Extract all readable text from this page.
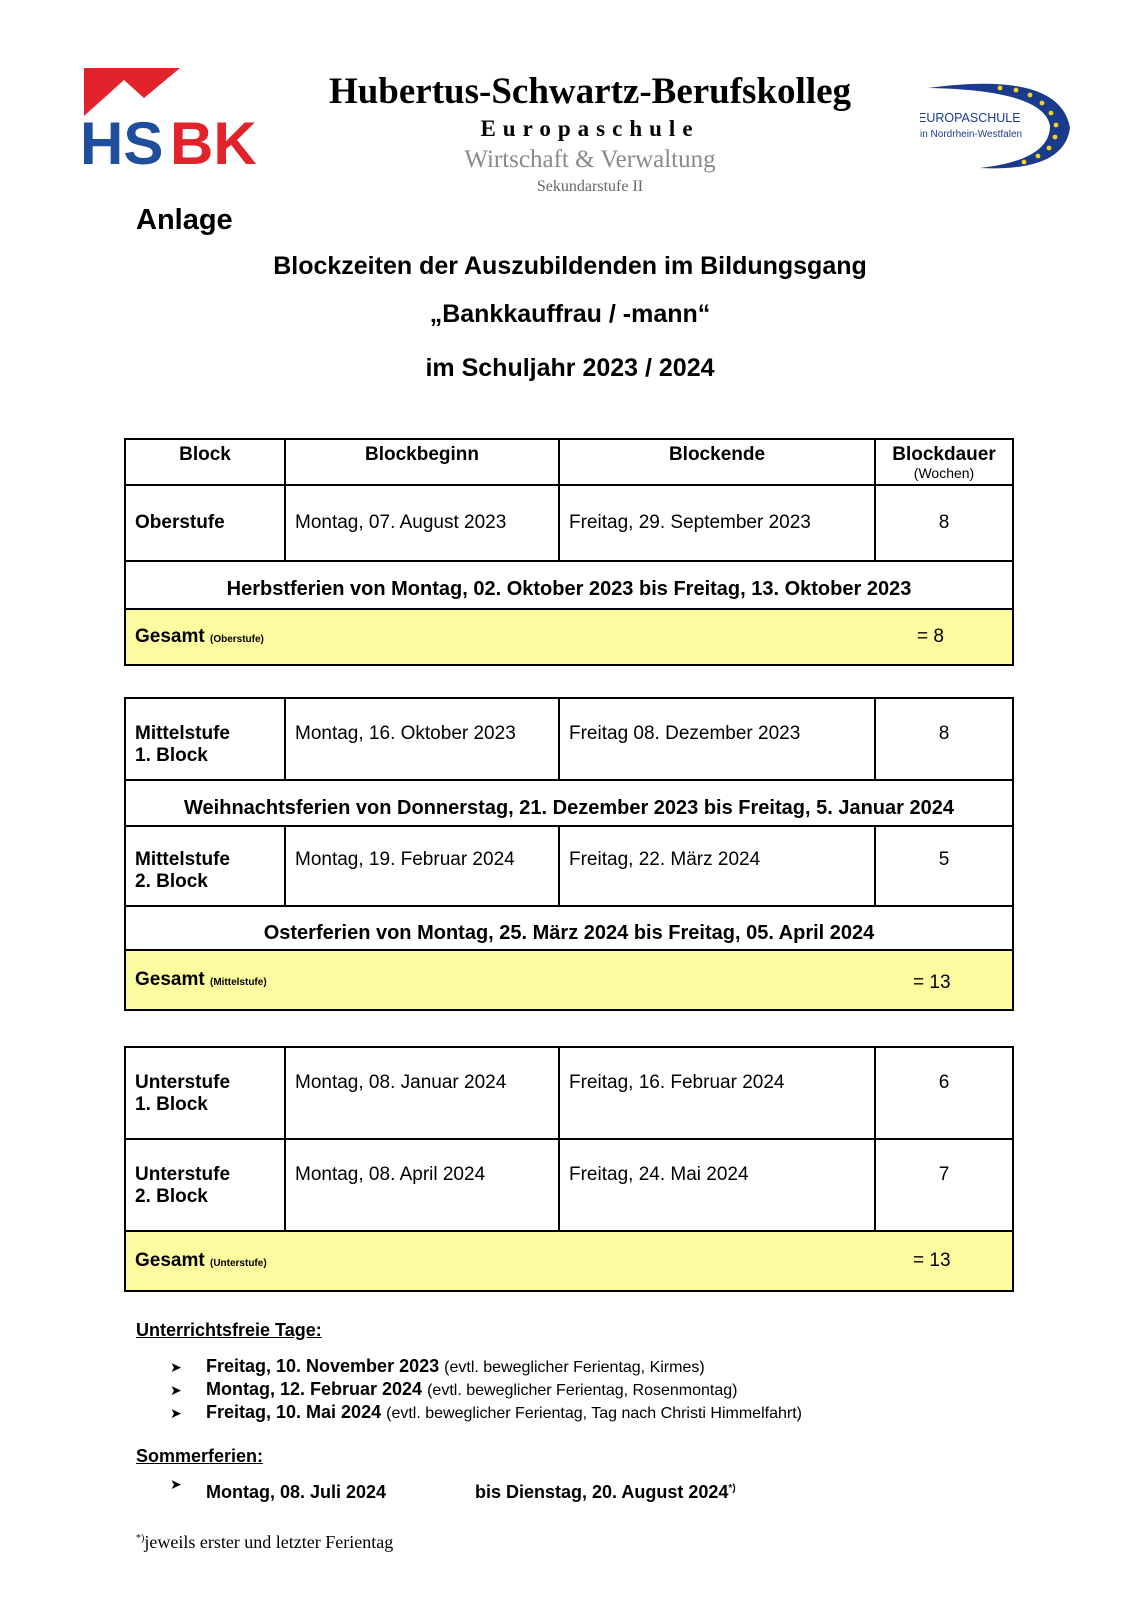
HS BK
Hubertus-Schwartz-Berufskolleg
Europaschule
Wirtschaft & Verwaltung
Sekundarstufe II
EUROPASCHULE
in Nordrhein-Westfalen
Anlage
Blockzeiten der Auszubildenden im Bildungsgang
„Bankkauffrau / -mann“
im Schuljahr 2023 / 2024
Block	Blockbeginn	Blockende	Blockdauer
(Wochen)

Oberstufe	Montag, 07. August 2023	Freitag, 29. September 2023	8
Herbstferien von Montag, 02. Oktober 2023 bis Freitag, 13. Oktober 2023			
Gesamt (Oberstufe)			= 8
Mittelstufe
1. Block	Montag, 16. Oktober 2023	Freitag 08. Dezember 2023	8
Weihnachtsferien von Donnerstag, 21. Dezember 2023 bis Freitag, 5. Januar 2024			

Mittelstufe
2. Block	Montag, 19. Februar 2024	Freitag, 22. März 2024	5
Osterferien von Montag, 25. März 2024 bis Freitag, 05. April 2024			
Gesamt (Mittelstufe)			= 13
Unterstufe
1. Block	Montag, 08. Januar 2024	Freitag, 16. Februar 2024	6

Unterstufe
2. Block	Montag, 08. April 2024	Freitag, 24. Mai 2024	7
Gesamt (Unterstufe)			= 13
Unterrichtsfreie Tage:
➤ Freitag, 10. November 2023 (evtl. beweglicher Ferientag, Kirmes)
➤ Montag, 12. Februar 2024 (evtl. beweglicher Ferientag, Rosenmontag)
➤ Freitag, 10. Mai 2024 (evtl. beweglicher Ferientag, Tag nach Christi Himmelfahrt)
Sommerferien:
➤ Montag, 08. Juli 2024	bis Dienstag, 20. August 2024*)
*)jeweils erster und letzter Ferientag
